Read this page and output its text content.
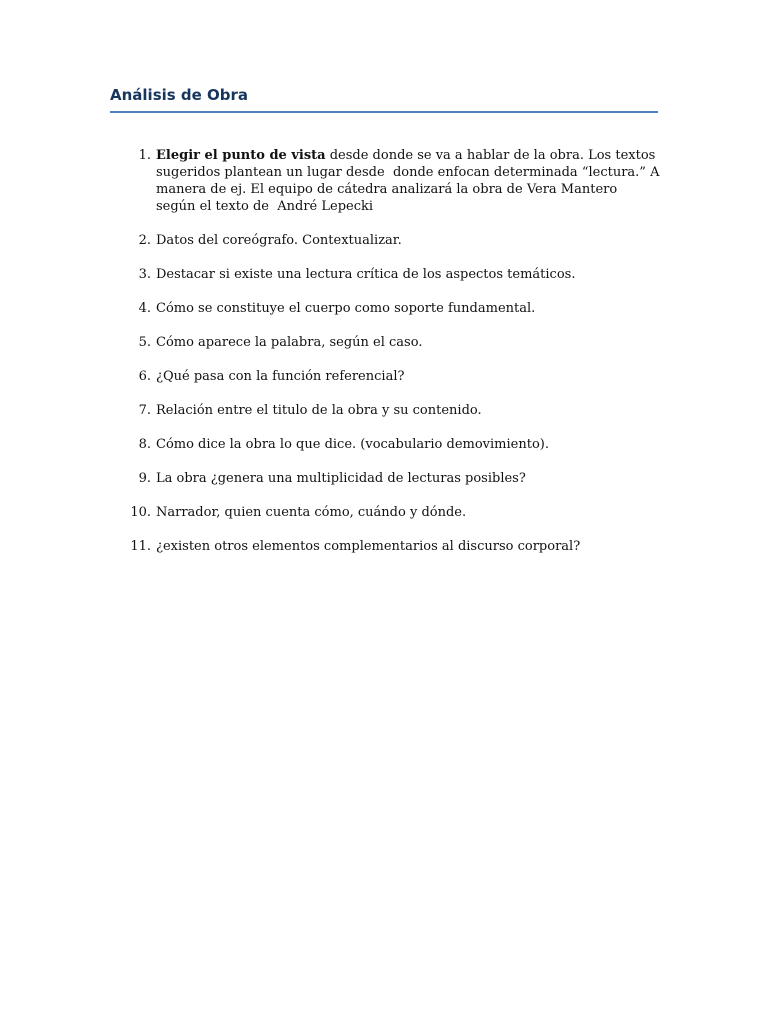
Análisis de Obra
1. Elegir el punto de vista desde donde se va a hablar de la obra. Los textos sugeridos plantean un lugar desde  donde enfocan determinada “lectura.” A manera de ej. El equipo de cátedra analizará la obra de Vera Mantero según el texto de  André Lepecki
2. Datos del coreógrafo. Contextualizar.
3. Destacar si existe una lectura crítica de los aspectos temáticos.
4. Cómo se constituye el cuerpo como soporte fundamental.
5. Cómo aparece la palabra, según el caso.
6. ¿Qué pasa con la función referencial?
7. Relación entre el titulo de la obra y su contenido.
8. Cómo dice la obra lo que dice. (vocabulario demovimiento).
9. La obra ¿genera una multiplicidad de lecturas posibles?
10. Narrador, quien cuenta cómo, cuándo y dónde.
11. ¿existen otros elementos complementarios al discurso corporal?
